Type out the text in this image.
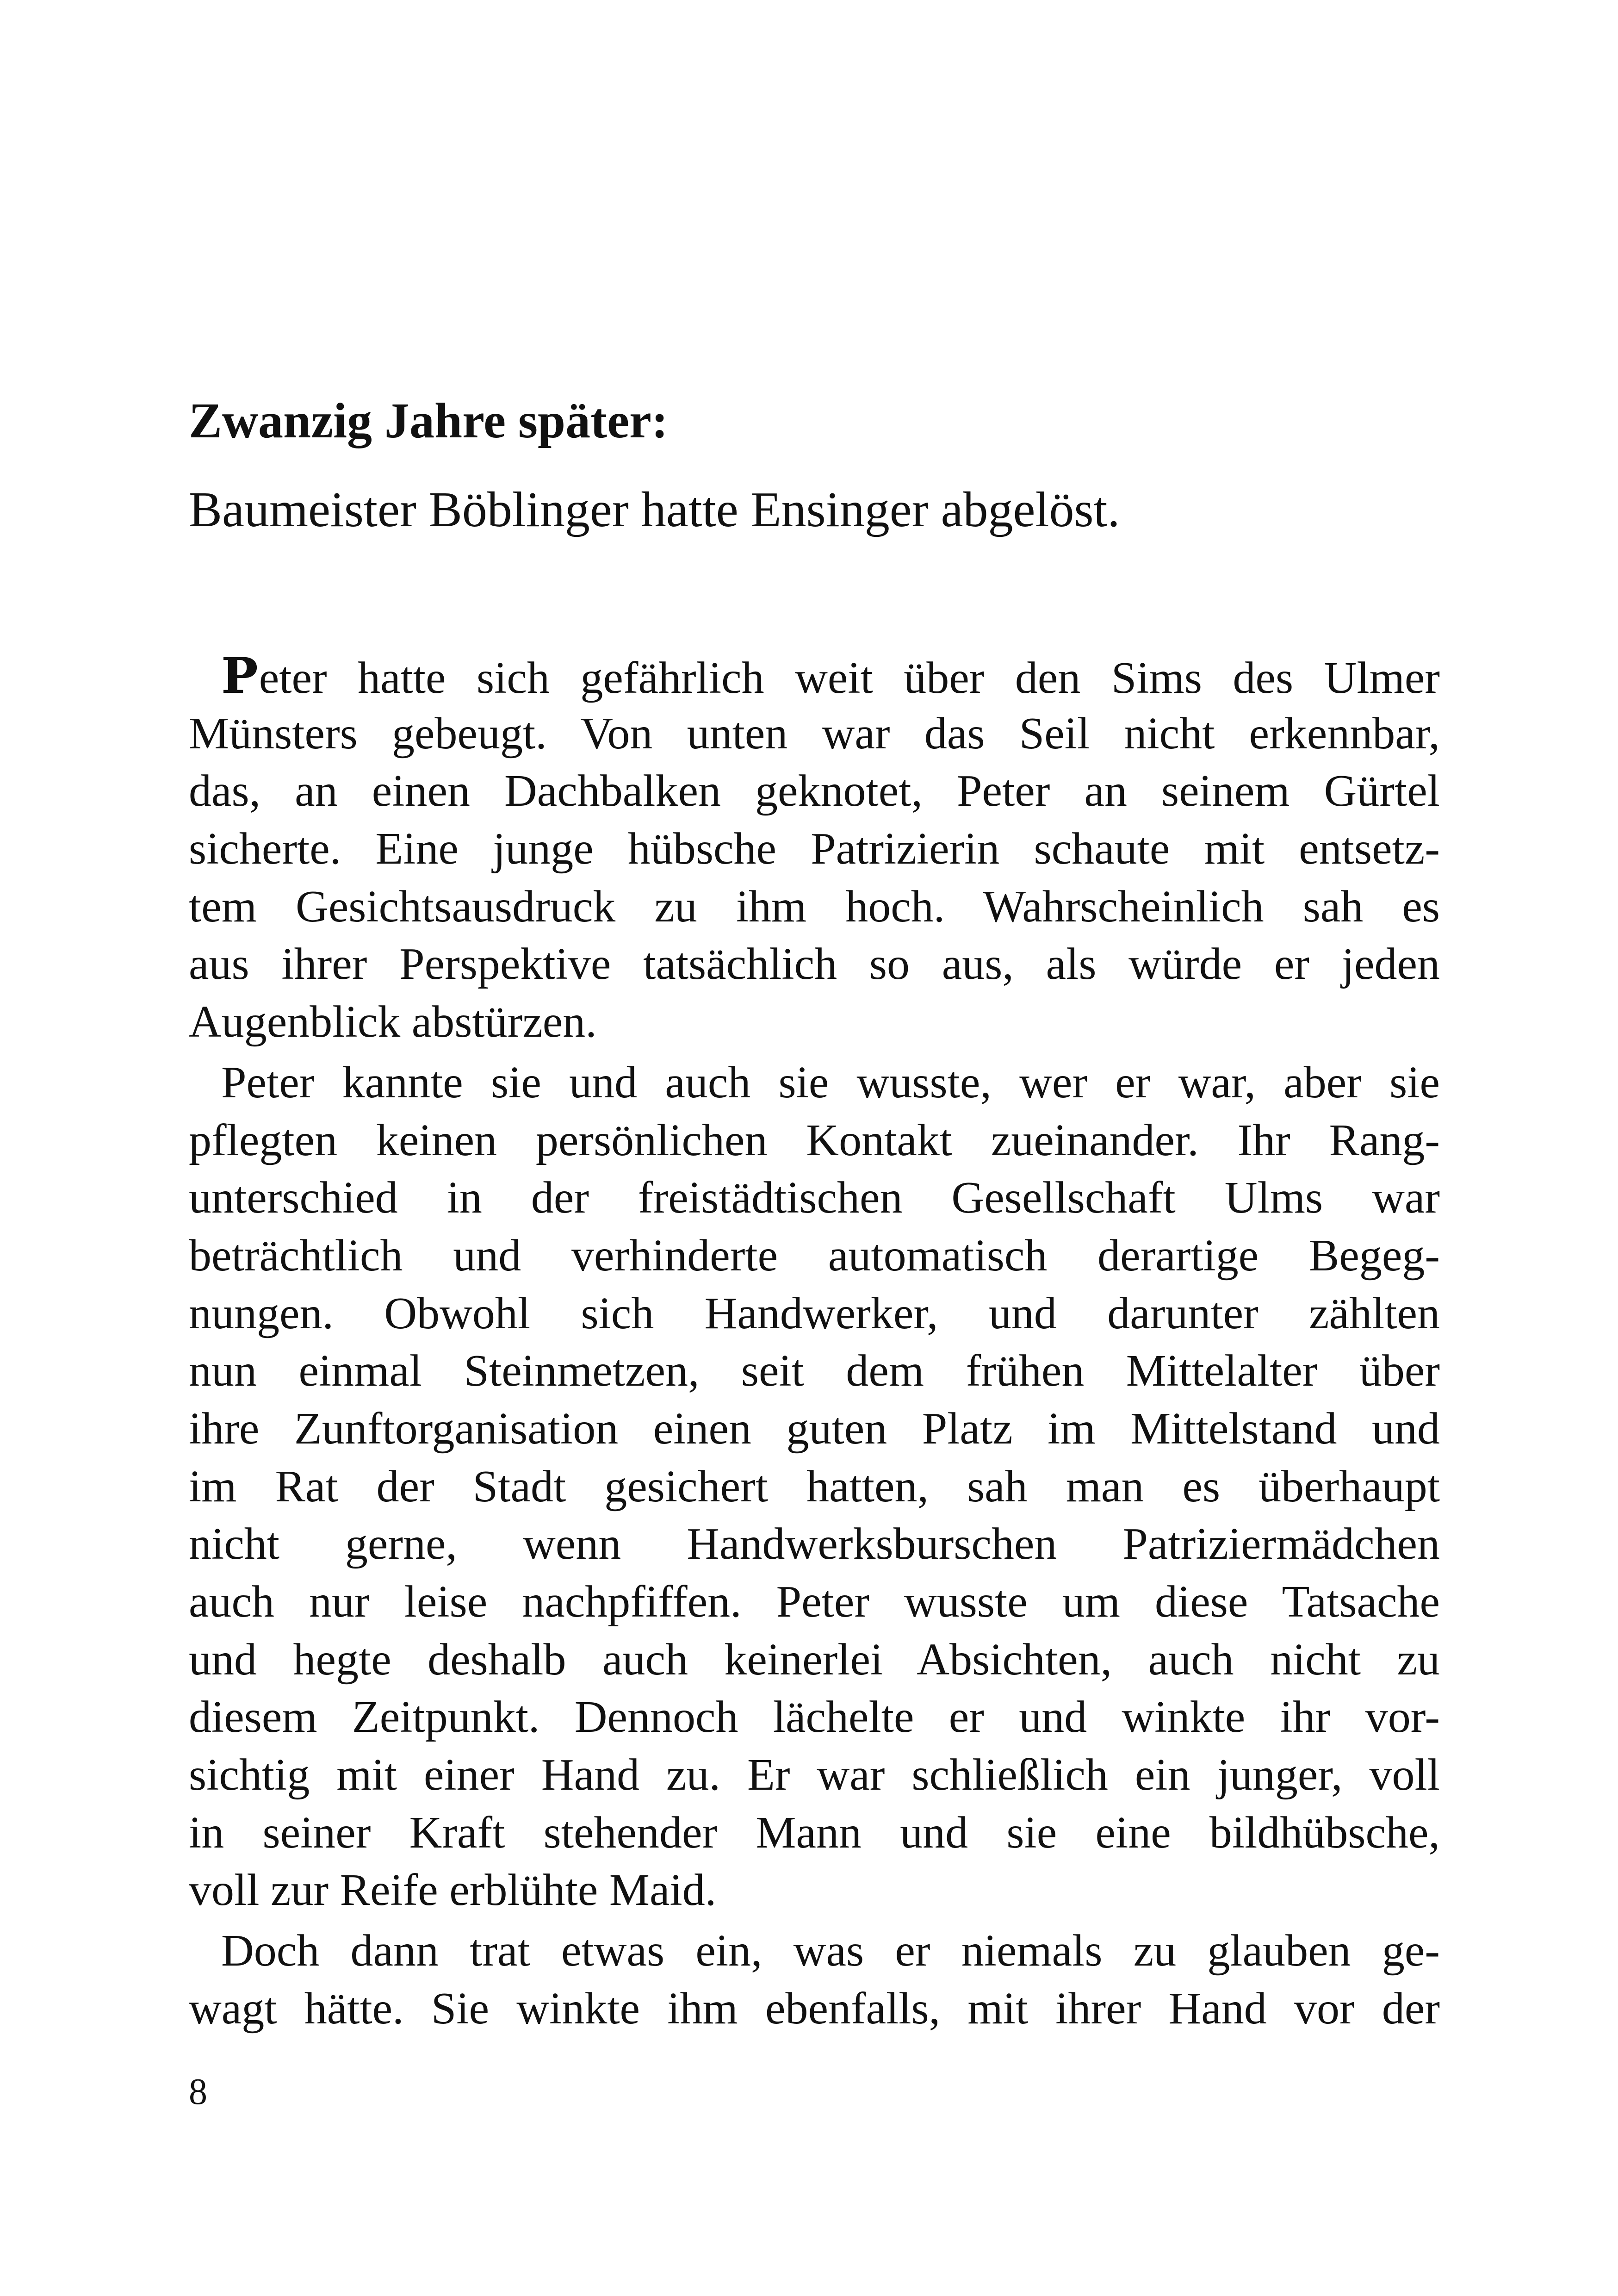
Zwanzig Jahre später:
Baumeister Böblinger hatte Ensinger abgelöst.
Peter hatte sich gefährlich weit über den Sims des Ulmer
Münsters gebeugt. Von unten war das Seil nicht erkennbar,
das, an einen Dachbalken geknotet, Peter an seinem Gürtel
sicherte. Eine junge hübsche Patrizierin schaute mit entsetz-
tem Gesichtsausdruck zu ihm hoch. Wahrscheinlich sah es
aus ihrer Perspektive tatsächlich so aus, als würde er jeden
Augenblick abstürzen.
Peter kannte sie und auch sie wusste, wer er war, aber sie
pflegten keinen persönlichen Kontakt zueinander. Ihr Rang-
unterschied in der freistädtischen Gesellschaft Ulms war
beträchtlich und verhinderte automatisch derartige Begeg-
nungen. Obwohl sich Handwerker, und darunter zählten
nun einmal Steinmetzen, seit dem frühen Mittelalter über
ihre Zunftorganisation einen guten Platz im Mittelstand und
im Rat der Stadt gesichert hatten, sah man es überhaupt
nicht gerne, wenn Handwerksburschen Patriziermädchen
auch nur leise nachpfiffen. Peter wusste um diese Tatsache
und hegte deshalb auch keinerlei Absichten, auch nicht zu
diesem Zeitpunkt. Dennoch lächelte er und winkte ihr vor-
sichtig mit einer Hand zu. Er war schließlich ein junger, voll
in seiner Kraft stehender Mann und sie eine bildhübsche,
voll zur Reife erblühte Maid.
Doch dann trat etwas ein, was er niemals zu glauben ge-
wagt hätte. Sie winkte ihm ebenfalls, mit ihrer Hand vor der
8
